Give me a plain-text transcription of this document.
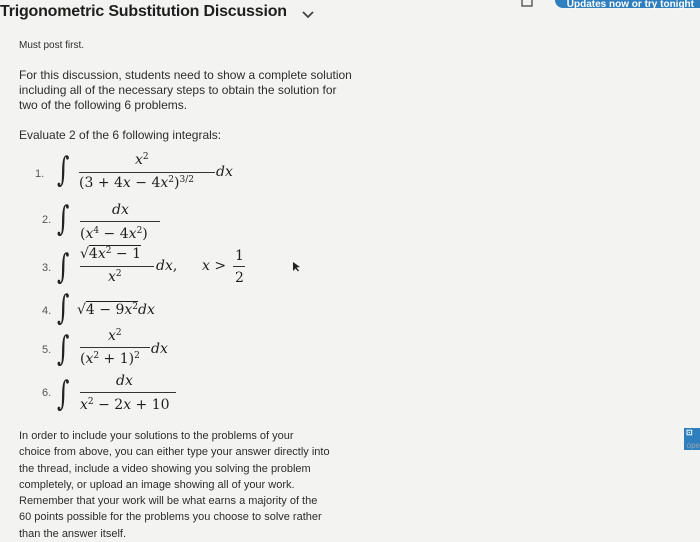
Trigonometric Substitution Discussion	Updates now or try tonight
⊡
ope
Must post first.
For this discussion, students need to show a complete solution
including all of the necessary steps to obtain the solution for
two of the following 6 problems.
Evaluate 2 of the 6 following integrals:
1. ∫	$x^2$
$(3 + 4x - 4x^2)^{3/2}$ dx
2. ∫	dx
$(x^4 - 4x^2)$
3. ∫ $√4x^2 - 1$
$x^2$ dx, x >
1
2
4. ∫ $√4 - 9x^2dx$
5. ∫	$x^2$
$(x^2 + 1)^2$ dx
6. ∫	dx
$x^2 - 2x + 10$
In order to include your solutions to the problems of your
choice from above, you can either type your answer directly into
the thread, include a video showing you solving the problem
completely, or upload an image showing all of your work.
Remember that your work will be what earns a majority of the
60 points possible for the problems you choose to solve rather
than the answer itself.
